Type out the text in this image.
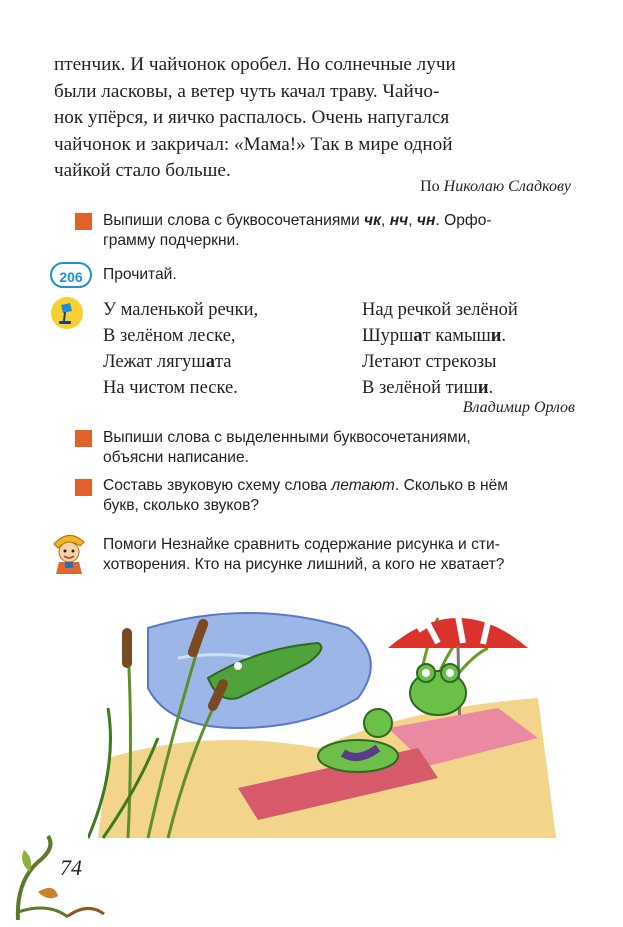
птенчик. И чайчонок оробел. Но солнечные лучи
были ласковы, а ветер чуть качал траву. Чайчо-
нок упёрся, и яичко распалось. Очень напугался
чайчонок и закричал: «Мама!» Так в мире одной
чайкой стало больше.
По Николаю Сладкову
Выпиши слова с буквосочетаниями чк, нч, чн. Орфо-
грамму подчеркни.
206	Прочитай.
У маленькой речки,
В зелёном леске,
Лежат лягушата
На чистом песке.
Над речкой зелёной
Шуршат камыши.
Летают стрекозы
В зелёной тиши.
Владимир Орлов
Выпиши слова с выделенными буквосочетаниями,
объясни написание.
Составь звуковую схему слова летают. Сколько в нём
букв, сколько звуков?
Помоги Незнайке сравнить содержание рисунка и сти-
хотворения. Кто на рисунке лишний, а кого не хватает?
74
